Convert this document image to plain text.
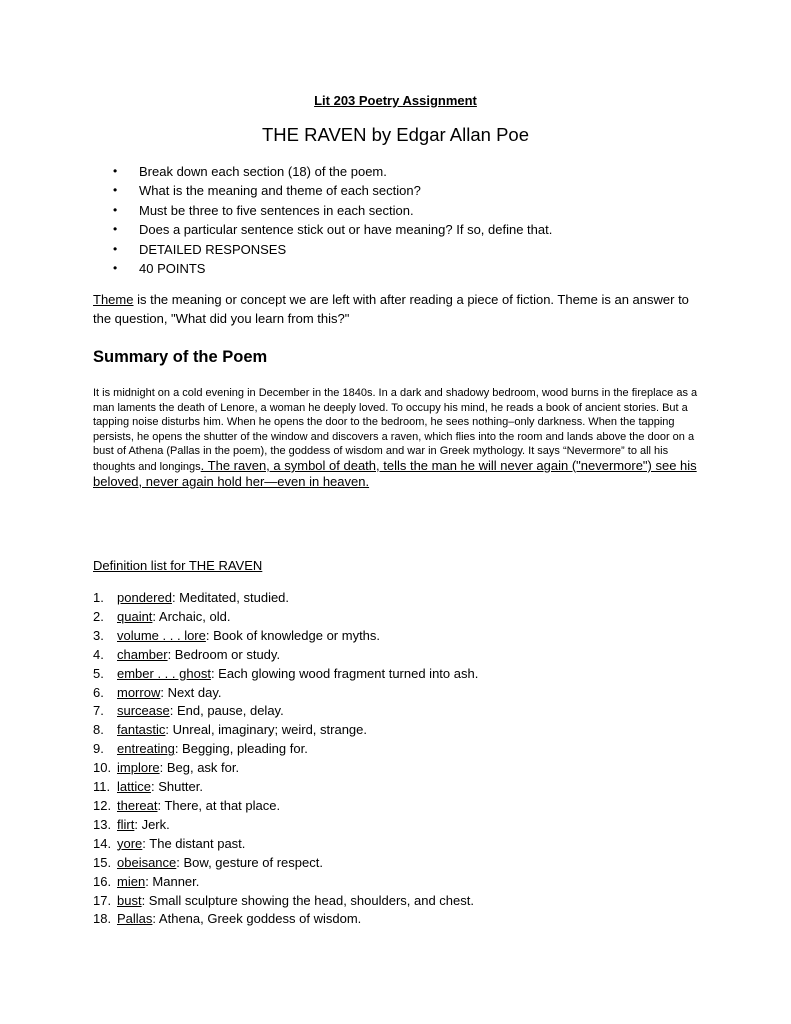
Lit 203 Poetry Assignment
THE RAVEN by Edgar Allan Poe
• Break down each section (18) of the poem.
• What is the meaning and theme of each section?
• Must be three to five sentences in each section.
• Does a particular sentence stick out or have meaning? If so, define that.
• DETAILED RESPONSES
• 40 POINTS

Theme is the meaning or concept we are left with after reading a piece of fiction. Theme is an answer to the question, "What did you learn from this?"

Summary of the Poem

It is midnight on a cold evening in December in the 1840s. In a dark and shadowy bedroom, wood burns in the fireplace as a man laments the death of Lenore, a woman he deeply loved. To occupy his mind, he reads a book of ancient stories. But a tapping noise disturbs him. When he opens the door to the bedroom, he sees nothing–only darkness. When the tapping persists, he opens the shutter of the window and discovers a raven, which flies into the room and lands above the door on a bust of Athena (Pallas in the poem), the goddess of wisdom and war in Greek mythology. It says “Nevermore” to all his thoughts and longings. The raven, a symbol of death, tells the man he will never again ("nevermore") see his beloved, never again hold her—even in heaven.

Definition list for THE RAVEN
1. pondered: Meditated, studied.
2. quaint: Archaic, old.
3. volume . . . lore: Book of knowledge or myths.
4. chamber: Bedroom or study.
5. ember . . . ghost: Each glowing wood fragment turned into ash.
6. morrow: Next day.
7. surcease: End, pause, delay.
8. fantastic: Unreal, imaginary; weird, strange.
9. entreating: Begging, pleading for.
10. implore: Beg, ask for.
11. lattice: Shutter.
12. thereat: There, at that place.
13. flirt: Jerk.
14. yore: The distant past.
15. obeisance: Bow, gesture of respect.
16. mien: Manner.
17. bust: Small sculpture showing the head, shoulders, and chest.
18. Pallas: Athena, Greek goddess of wisdom.
